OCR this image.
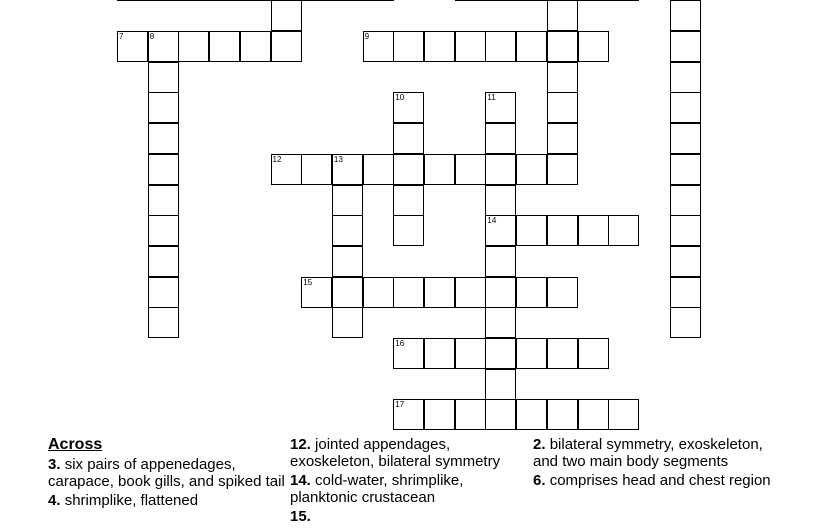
7	8	9
10	11
12	13
14
15
16
17
Across
3. six pairs of appenedages, carapace, book gills, and spiked tail
4. shrimplike, flattened
12. jointed appendages, exoskeleton, bilateral symmetry
14. cold-water, shrimplike, planktonic crustacean
15.
2. bilateral symmetry, exoskeleton, and two main body segments
6. comprises head and chest region
